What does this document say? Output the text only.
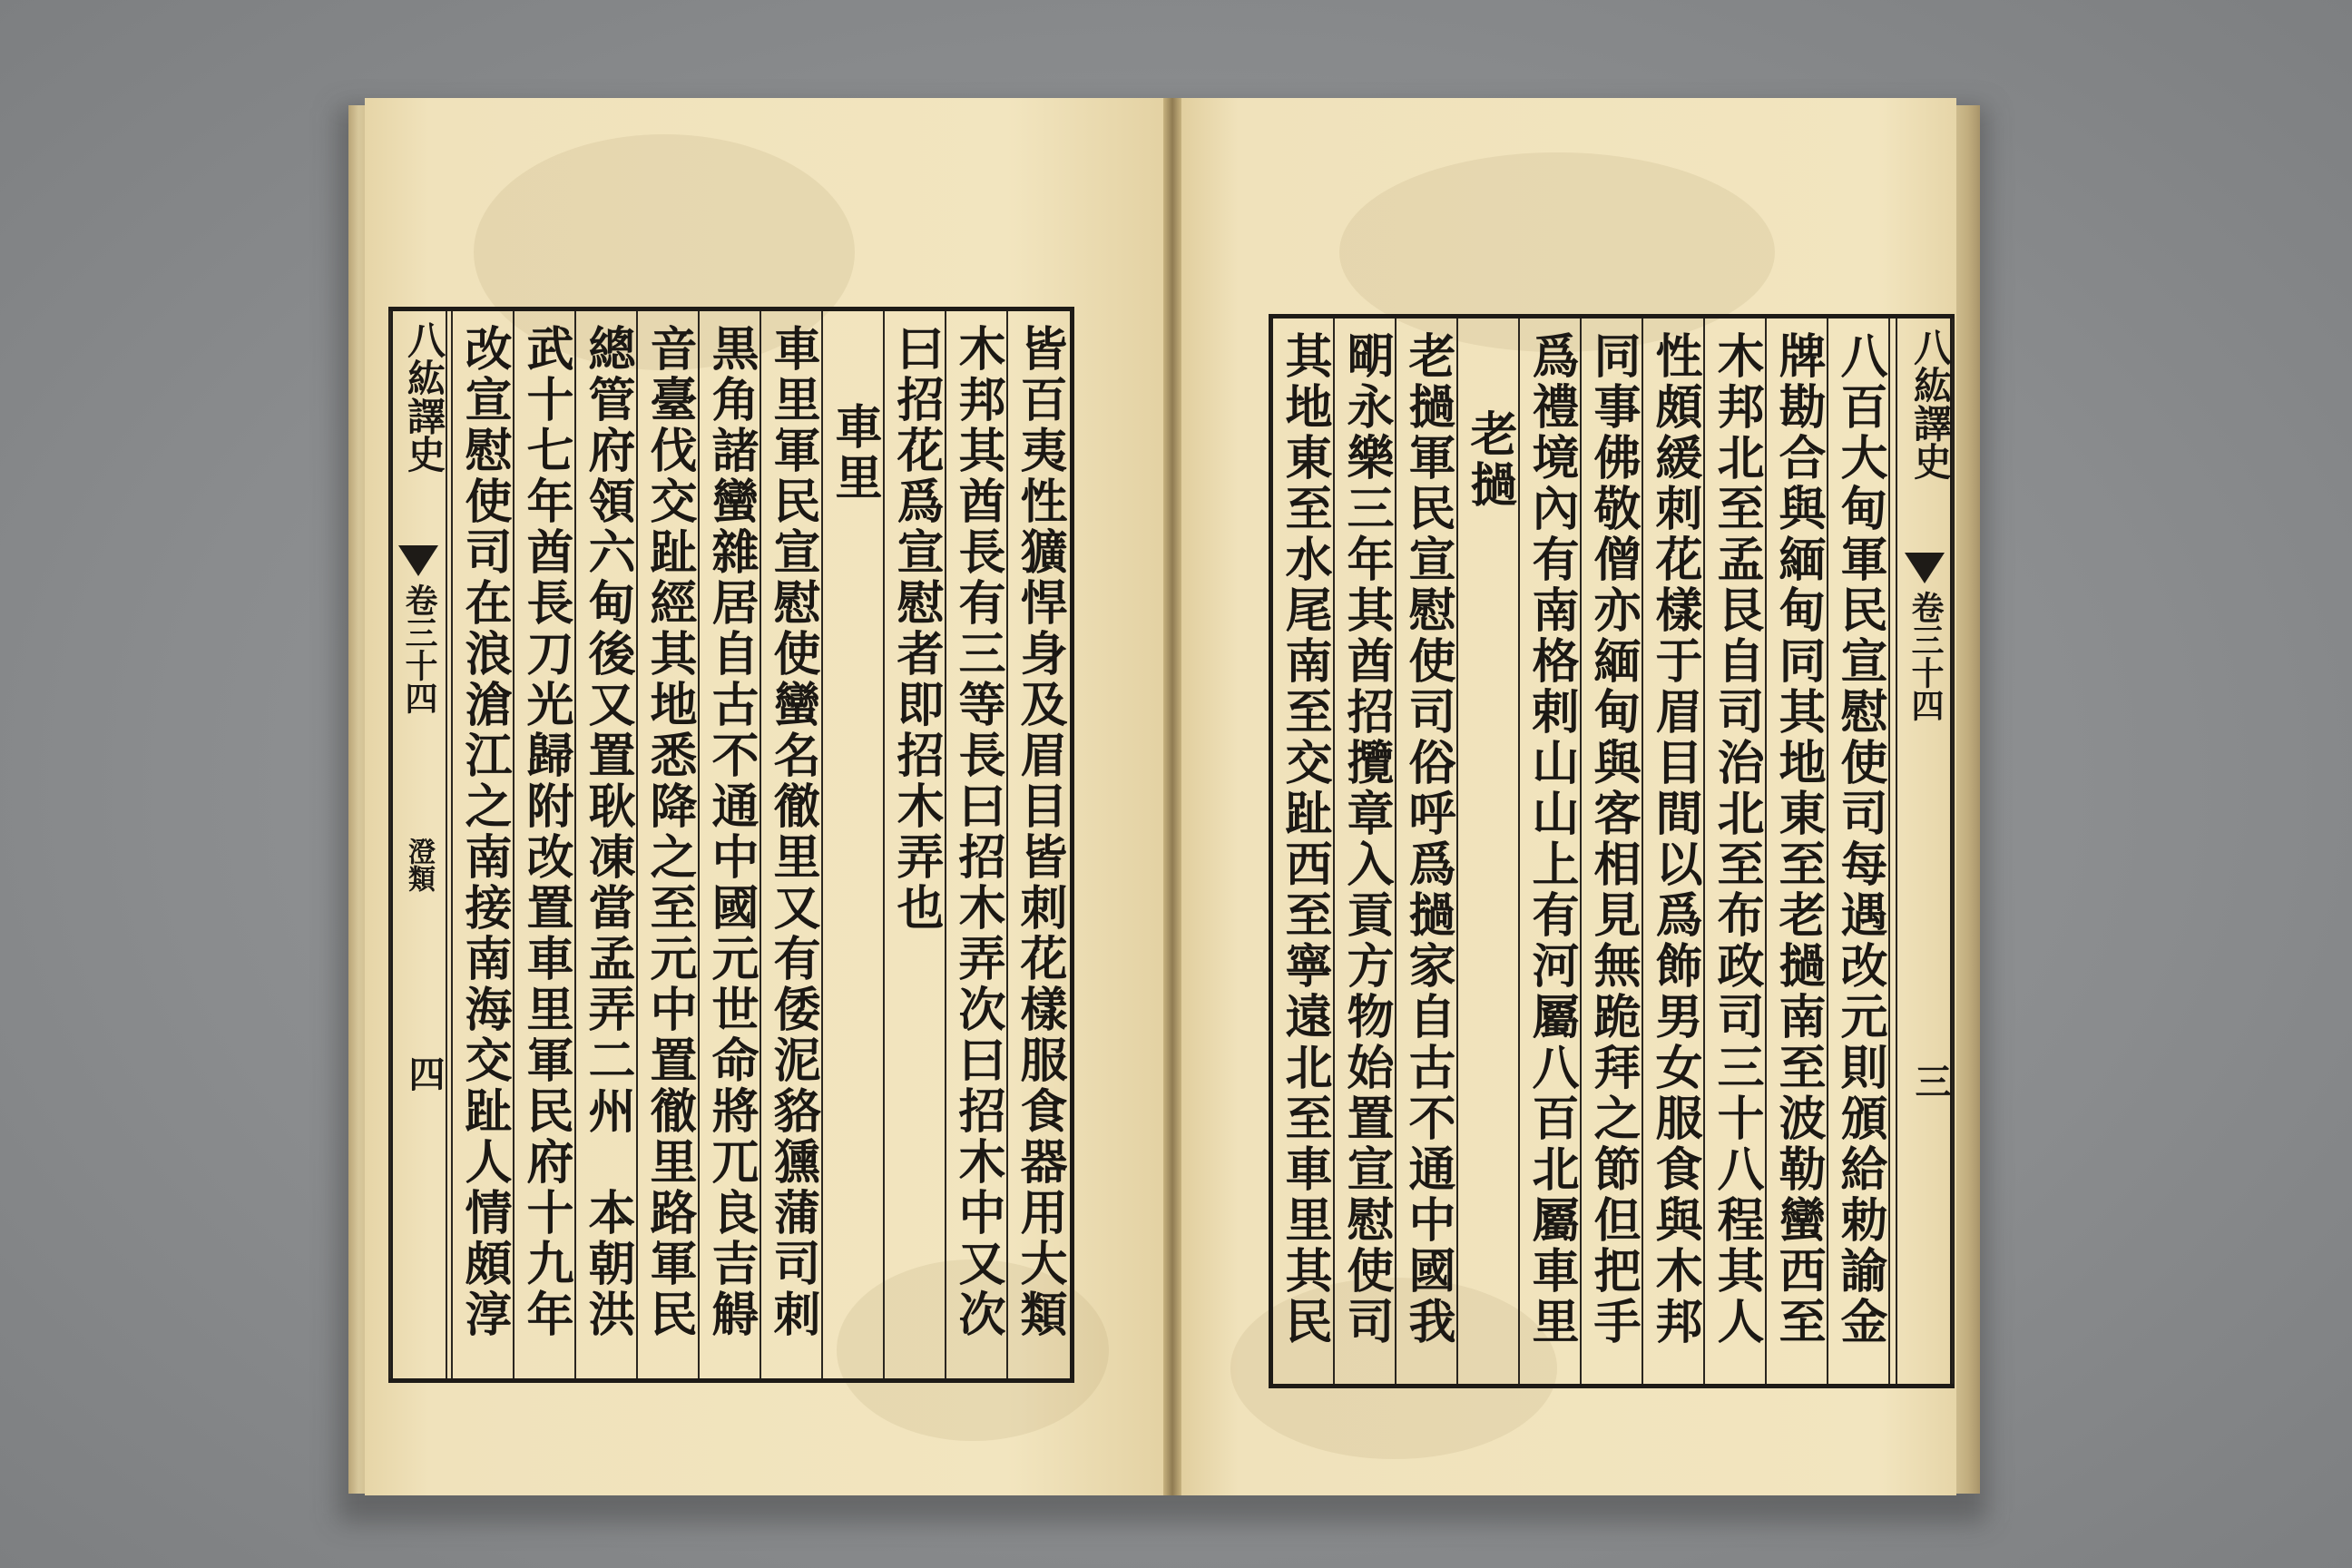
八紘譯史
卷三十四
澄類
四	皆百夷性獷悍身及眉目皆刺花樣服食器用大類
木邦其酋長有三等長曰招木弄次曰招木中又次
曰招花爲宣慰者即招木弄也
車里
車里軍民宣慰使蠻名徹里又有倭泥貉獯蒲司刺
黒角諸蠻雜居自古不通中國元世命將兀良吉䚟
音臺伐交趾經其地悉降之至元中置徹里路軍民
總管府領六甸後又置耿凍當孟弄二州　本朝洪
武十七年酋長刀光歸附改置車里軍民府十九年
改宣慰使司在浪滄江之南接南海交趾人情頗淳	八紘譯史
卷三十四
三
八百大甸軍民宣慰使司每遇改元則頒給勅諭金
牌勘合與緬甸同其地東至老撾南至波勒蠻西至
木邦北至孟艮自司治北至布政司三十八程其人
性頗緩刺花樣于眉目間以爲飾男女服食與木邦
同事佛敬僧亦緬甸與客相見無跪拜之節但把手
爲禮境內有南格剌山山上有河屬八百北屬車里
老撾
老撾軍民宣慰使司俗呼爲撾家自古不通中國我
朙永樂三年其酋招攬章入貢方物始置宣慰使司
其地東至水尾南至交趾西至寧遠北至車里其民
